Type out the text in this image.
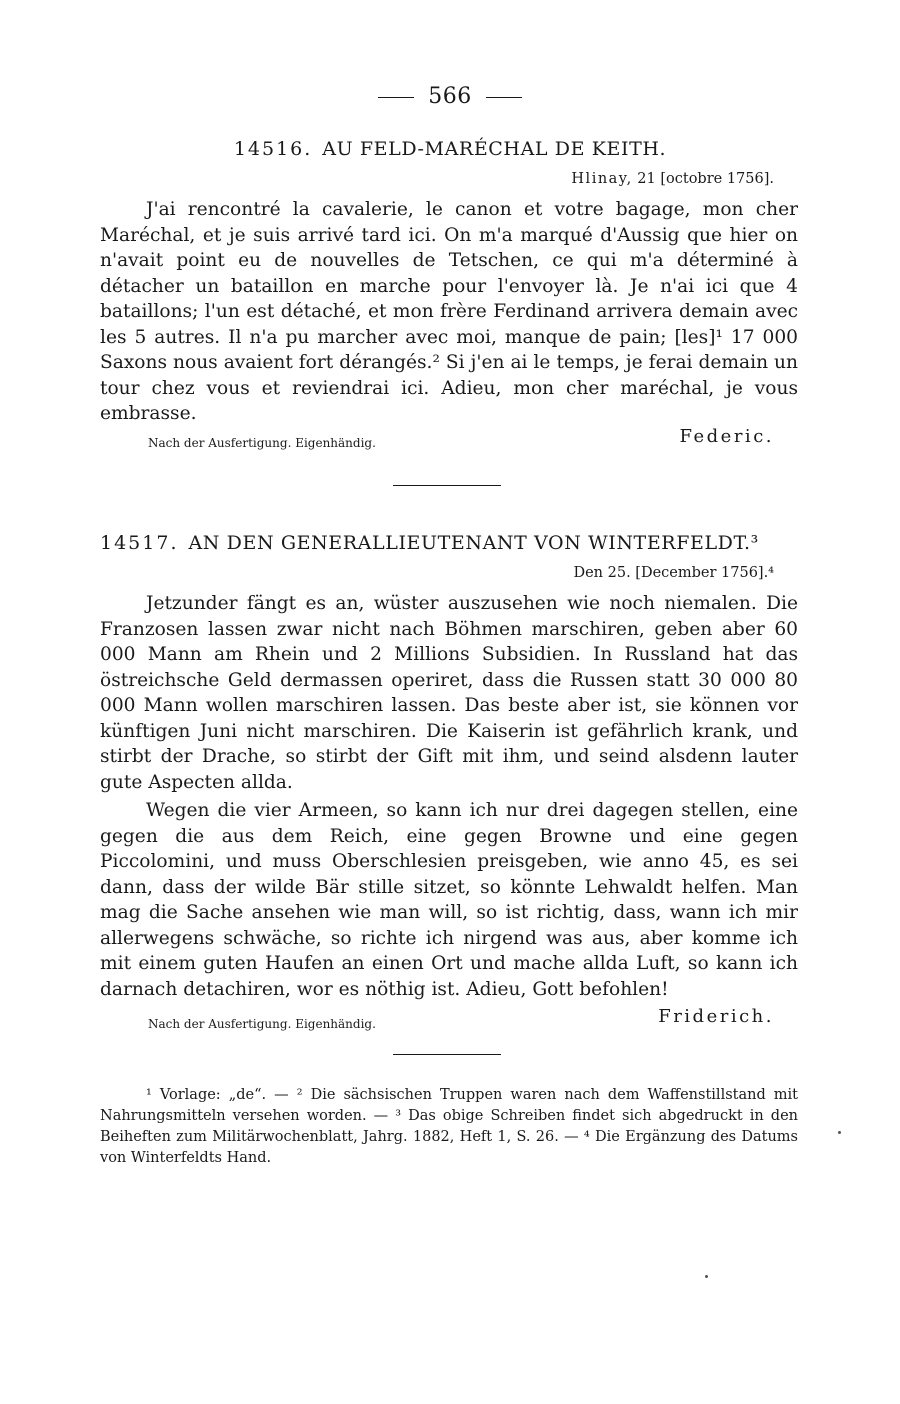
566
14516. AU FELD-MARÉCHAL DE KEITH.
Hlinay, 21 [octobre 1756].

J'ai rencontré la cavalerie, le canon et votre bagage, mon cher Maréchal, et je suis arrivé tard ici. On m'a marqué d'Aussig que hier on n'avait point eu de nouvelles de Tetschen, ce qui m'a déterminé à détacher un bataillon en marche pour l'envoyer là. Je n'ai ici que 4 bataillons; l'un est détaché, et mon frère Ferdinand arrivera demain avec les 5 autres. Il n'a pu marcher avec moi, manque de pain; [les]¹ 17 000 Saxons nous avaient fort dérangés.² Si j'en ai le temps, je ferai demain un tour chez vous et reviendrai ici. Adieu, mon cher maréchal, je vous embrasse.

Nach der Ausfertigung. Eigenhändig.	Federic.
14517. AN DEN GENERALLIEUTENANT VON WINTERFELDT.³
Den 25. [December 1756].⁴

Jetzunder fängt es an, wüster auszusehen wie noch niemalen. Die Franzosen lassen zwar nicht nach Böhmen marschiren, geben aber 60 000 Mann am Rhein und 2 Millions Subsidien. In Russland hat das östreichsche Geld dermassen operiret, dass die Russen statt 30 000 80 000 Mann wollen marschiren lassen. Das beste aber ist, sie können vor künftigen Juni nicht marschiren. Die Kaiserin ist gefährlich krank, und stirbt der Drache, so stirbt der Gift mit ihm, und seind alsdenn lauter gute Aspecten allda.

Wegen die vier Armeen, so kann ich nur drei dagegen stellen, eine gegen die aus dem Reich, eine gegen Browne und eine gegen Piccolomini, und muss Oberschlesien preisgeben, wie anno 45, es sei dann, dass der wilde Bär stille sitzet, so könnte Lehwaldt helfen. Man mag die Sache ansehen wie man will, so ist richtig, dass, wann ich mir allerwegens schwäche, so richte ich nirgend was aus, aber komme ich mit einem guten Haufen an einen Ort und mache allda Luft, so kann ich darnach detachiren, wor es nöthig ist. Adieu, Gott befohlen!

Nach der Ausfertigung. Eigenhändig.	Friderich.

¹ Vorlage: „de“. — ² Die sächsischen Truppen waren nach dem Waffenstillstand mit Nahrungsmitteln versehen worden. — ³ Das obige Schreiben findet sich abgedruckt in den Beiheften zum Militärwochenblatt, Jahrg. 1882, Heft 1, S. 26. — ⁴ Die Ergänzung des Datums von Winterfeldts Hand.
